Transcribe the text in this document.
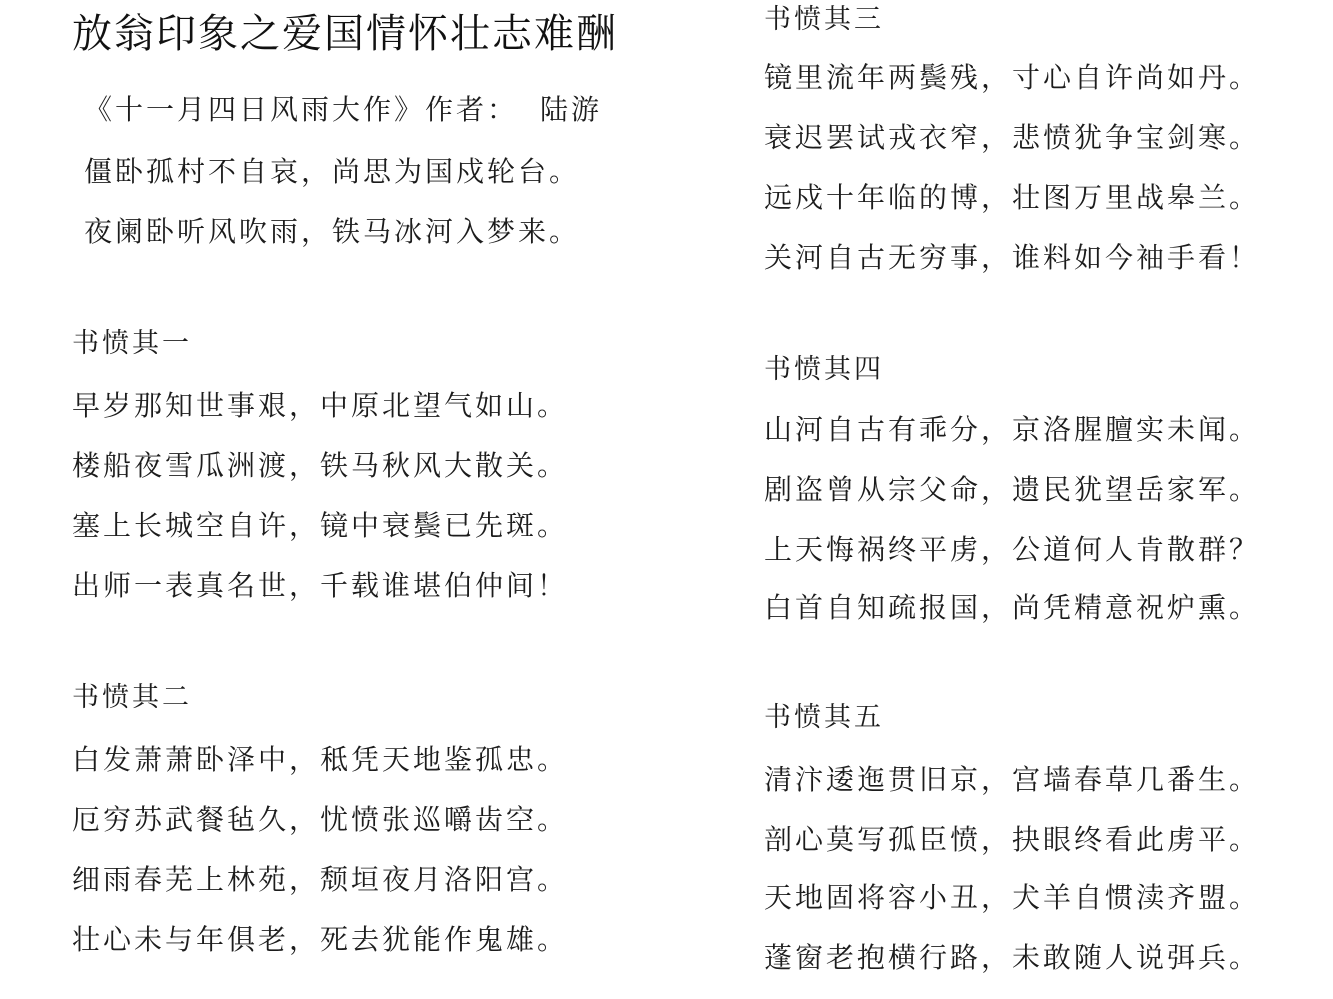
放翁印象之爱国情怀壮志难酬
《十一月四日风雨大作》作者： 陆游
僵卧孤村不自哀，尚思为国戍轮台。
夜阑卧听风吹雨，铁马冰河入梦来。
书愤其一
早岁那知世事艰，中原北望气如山。
楼船夜雪瓜洲渡，铁马秋风大散关。
塞上长城空自许，镜中衰鬓已先斑。
出师一表真名世，千载谁堪伯仲间！
书愤其二
白发萧萧卧泽中，秪凭天地鉴孤忠。
厄穷苏武餐毡久，忧愤张巡嚼齿空。
细雨春芜上林苑，颓垣夜月洛阳宫。
壮心未与年俱老，死去犹能作鬼雄。
书愤其三
镜里流年两鬓残，寸心自许尚如丹。
衰迟罢试戎衣窄，悲愤犹争宝剑寒。
远戍十年临的博，壮图万里战皋兰。
关河自古无穷事，谁料如今袖手看！
书愤其四
山河自古有乖分，京洛腥膻实未闻。
剧盗曾从宗父命，遗民犹望岳家军。
上天悔祸终平虏，公道何人肯散群？
白首自知疏报国，尚凭精意祝炉熏。
书愤其五
清汴逶迤贯旧京，宫墙春草几番生。
剖心莫写孤臣愤，抉眼终看此虏平。
天地固将容小丑，犬羊自惯渎齐盟。
蓬窗老抱横行路，未敢随人说弭兵。
